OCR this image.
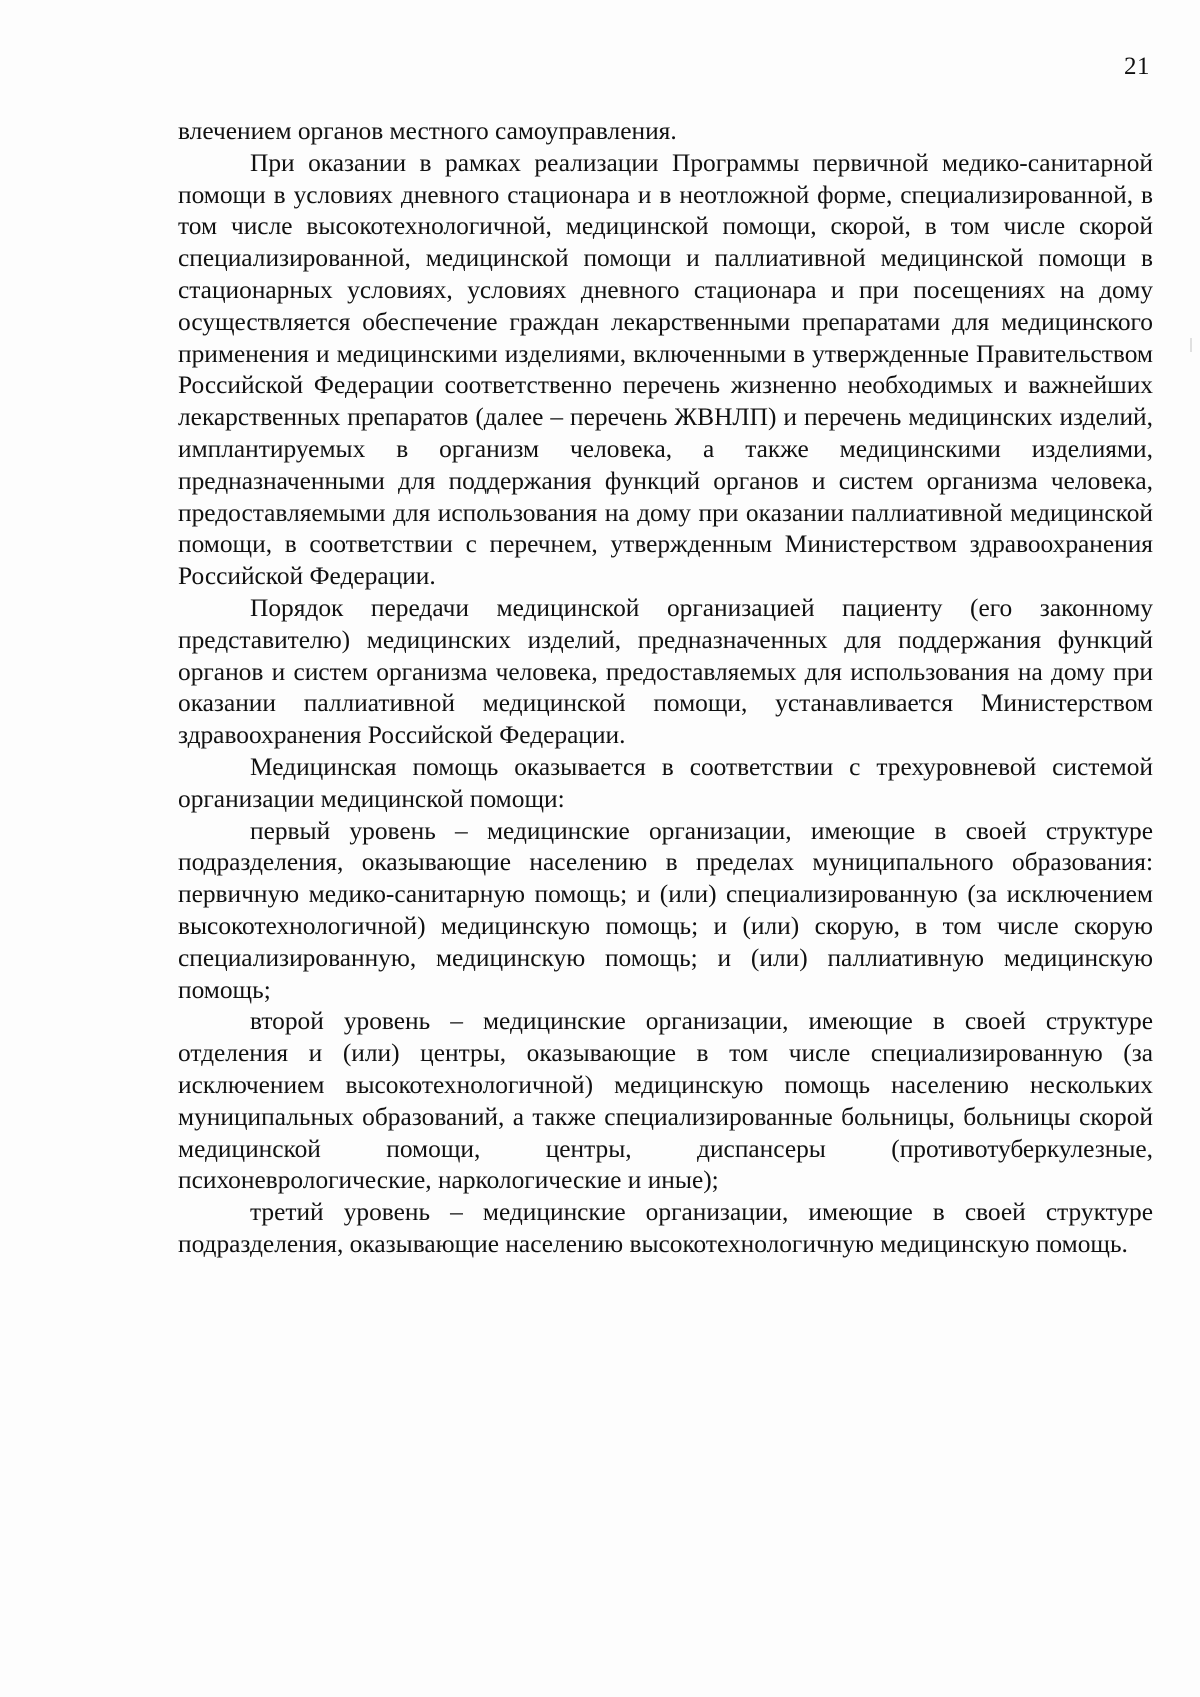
21

влечением органов местного самоуправления.

При оказании в рамках реализации Программы первичной медико-санитарной помощи в условиях дневного стационара и в неотложной форме, специализированной, в том числе высокотехнологичной, медицинской помощи, скорой, в том числе скорой специализированной, медицинской помощи и паллиативной медицинской помощи в стационарных условиях, условиях дневного стационара и при посещениях на дому осуществляется обеспечение граждан лекарственными препаратами для медицинского применения и медицинскими изделиями, включенными в утвержденные Правительством Российской Федерации соответственно перечень жизненно необходимых и важнейших лекарственных препаратов (далее – перечень ЖВНЛП) и перечень медицинских изделий, имплантируемых в организм человека, а также медицинскими изделиями, предназначенными для поддержания функций органов и систем организма человека, предоставляемыми для использования на дому при оказании паллиативной медицинской помощи, в соответствии с перечнем, утвержденным Министерством здравоохранения Российской Федерации.

Порядок передачи медицинской организацией пациенту (его законному представителю) медицинских изделий, предназначенных для поддержания функций органов и систем организма человека, предоставляемых для использования на дому при оказании паллиативной медицинской помощи, устанавливается Министерством здравоохранения Российской Федерации.

Медицинская помощь оказывается в соответствии с трехуровневой системой организации медицинской помощи:

первый уровень – медицинские организации, имеющие в своей структуре подразделения, оказывающие населению в пределах муниципального образования: первичную медико-санитарную помощь; и (или) специализированную (за исключением высокотехнологичной) медицинскую помощь; и (или) скорую, в том числе скорую специализированную, медицинскую помощь; и (или) паллиативную медицинскую помощь;

второй уровень – медицинские организации, имеющие в своей структуре отделения и (или) центры, оказывающие в том числе специализированную (за исключением высокотехнологичной) медицинскую помощь населению нескольких муниципальных образований, а также специализированные больницы, больницы скорой медицинской помощи, центры, диспансеры (противотуберкулезные, психоневрологические, наркологические и иные);

третий уровень – медицинские организации, имеющие в своей структуре подразделения, оказывающие населению высокотехнологичную медицинскую помощь.
